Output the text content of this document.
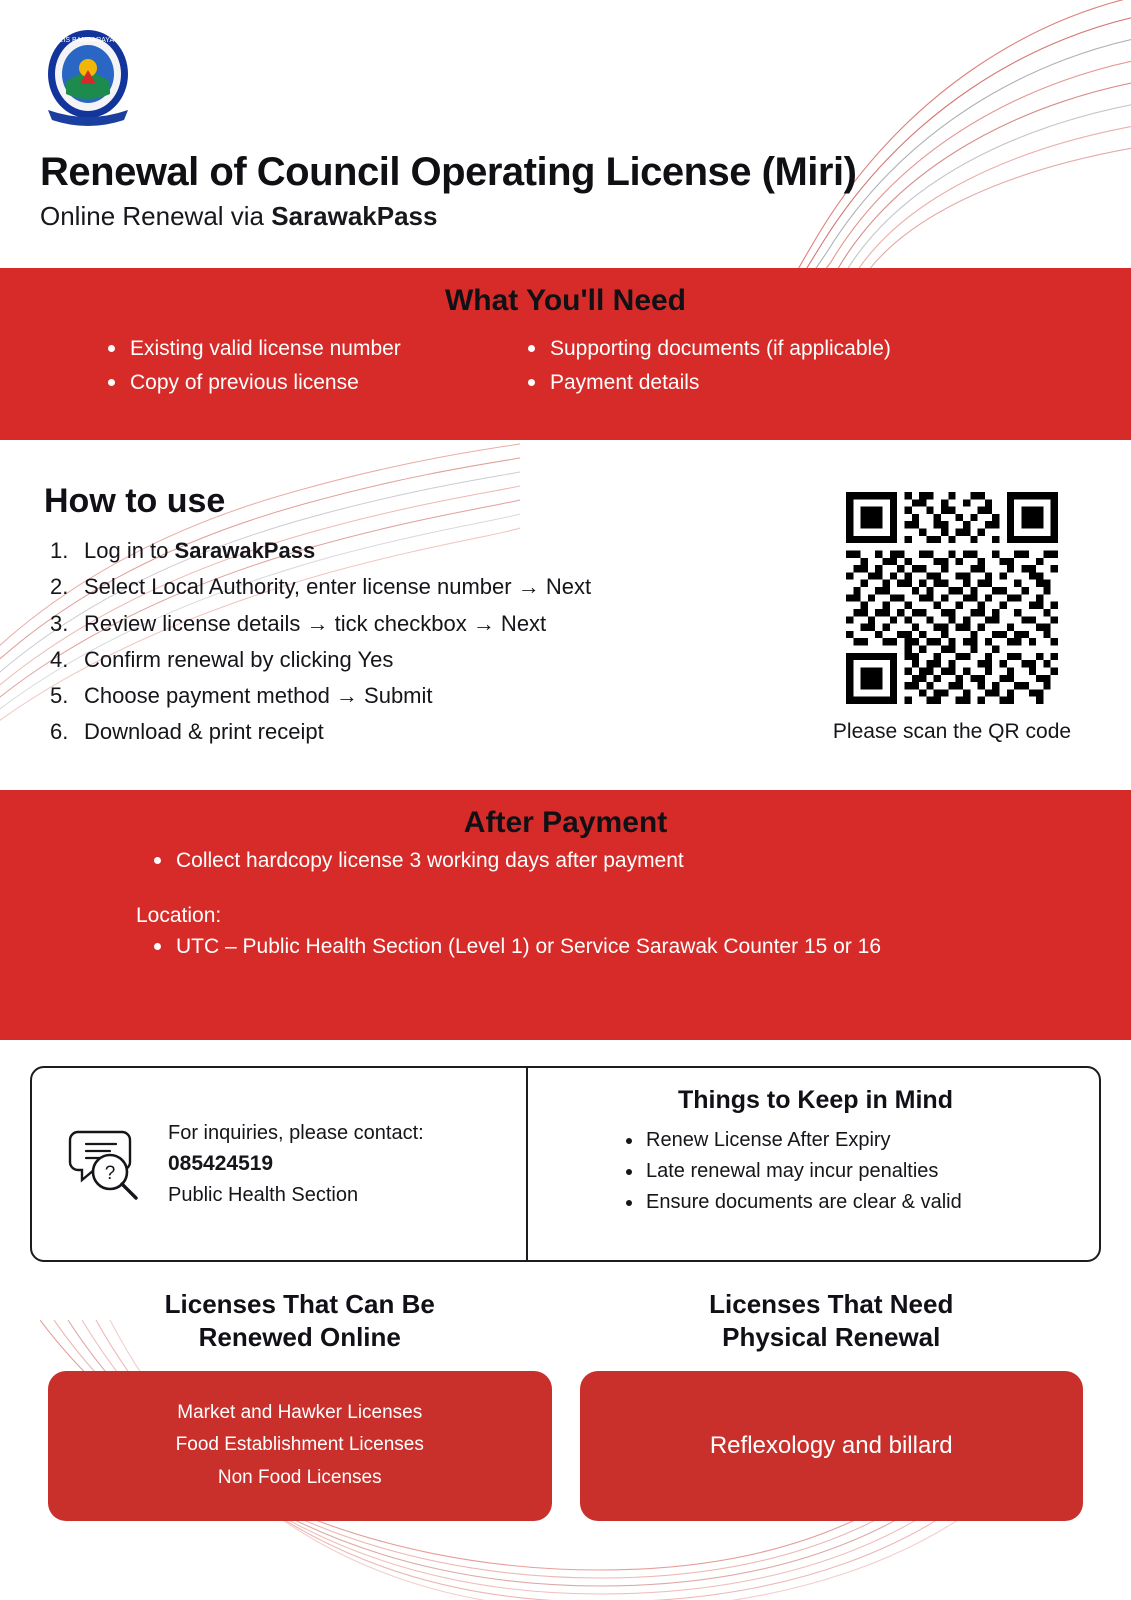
MAJLIS BANDARAYA MIRI
Renewal of Council Operating License (Miri)
Online Renewal via SarawakPass
What You'll Need
Existing valid license number
Copy of previous license
Supporting documents (if applicable)
Payment details
How to use
Log in to SarawakPass
Select Local Authority, enter license number → Next
Review license details → tick checkbox → Next
Confirm renewal by clicking Yes
Choose payment method → Submit
Download & print receipt	Please scan the QR code
After Payment
Collect hardcopy license 3 working days after payment
Location:
UTC – Public Health Section (Level 1) or Service Sarawak Counter 15 or 16
?
For inquiries, please contact:
085424519
Public Health Section
Things to Keep in Mind
Renew License After Expiry
Late renewal may incur penalties
Ensure documents are clear & valid
Licenses That Can Be
Renewed Online
Market and Hawker Licenses
Food Establishment Licenses
Non Food Licenses
Licenses That Need
Physical Renewal
Reflexology and billard
